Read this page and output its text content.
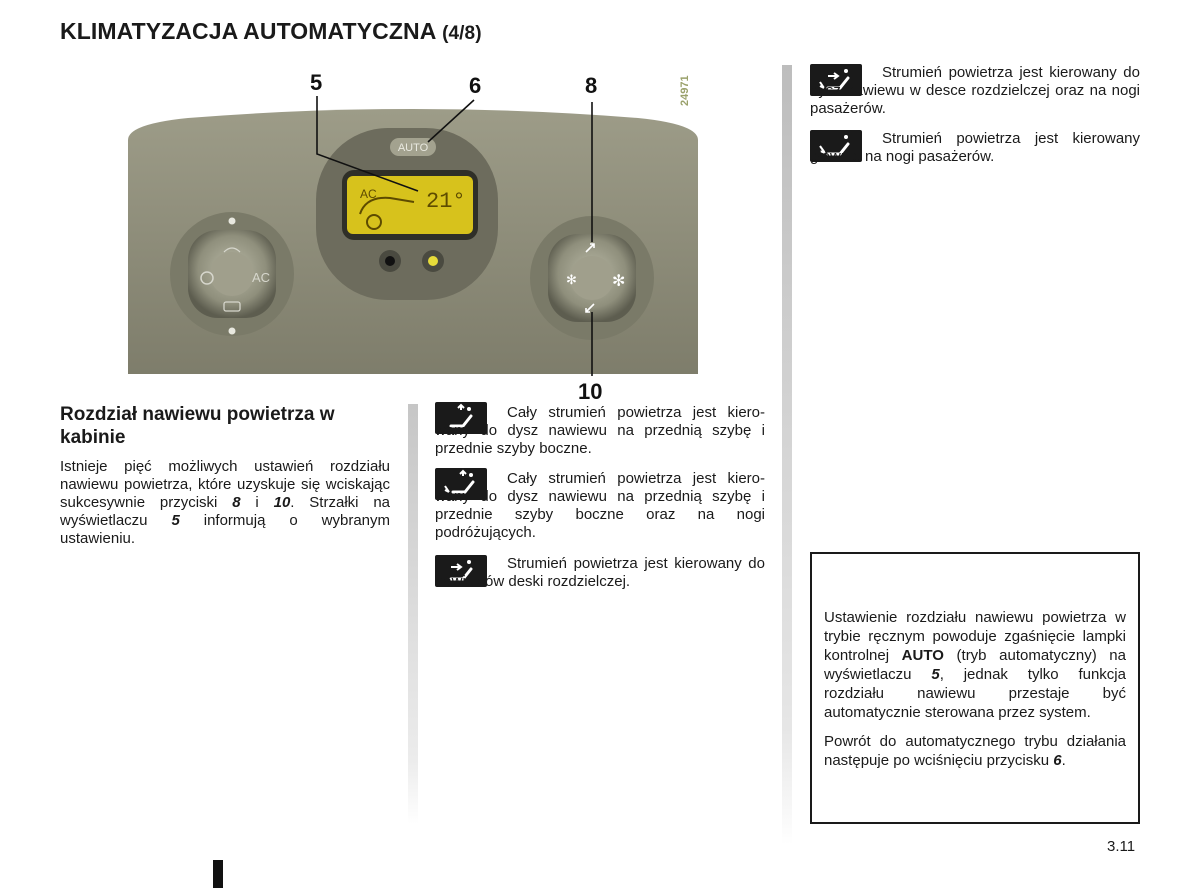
KLIMATYZACJA AUTOMATYCZNA (4/8)
5	6	8
10
24971
AUTO
AC 21°
AC	✻ ✻
Rozdział nawiewu powietrza w kabinie
Istnieje pięć możliwych ustawień rozdziału nawiewu powietrza, które uzyskuje się wciskając sukcesywnie przyciski 8 i 10. Strzałki na wyświetlaczu 5 informują o wybranym ustawieniu.
Cały strumień powietrza jest kierowany do dysz nawiewu na przednią szybę i przednie szyby boczne.
Cały strumień powietrza jest kierowany do dysz nawiewu na przednią szybę i przednie szyby boczne oraz na nogi podróżujących.
Strumień powietrza jest kierowany do nawiewów deski rozdzielczej.
Strumień powietrza jest kierowany do dysz nawiewu w desce rozdzielczej oraz na nogi pasażerów.
Strumień powietrza jest kierowany głównie na nogi pasażerów.
Ustawienie rozdziału nawiewu powietrza w trybie ręcznym powoduje zgaśnięcie lampki kontrolnej AUTO (tryb automatyczny) na wyświetlaczu 5, jednak tylko funkcja rozdziału nawiewu przestaje być automatycznie sterowana przez system.
Powrót do automatycznego trybu działania następuje po wciśnięciu przycisku 6.
3.11
